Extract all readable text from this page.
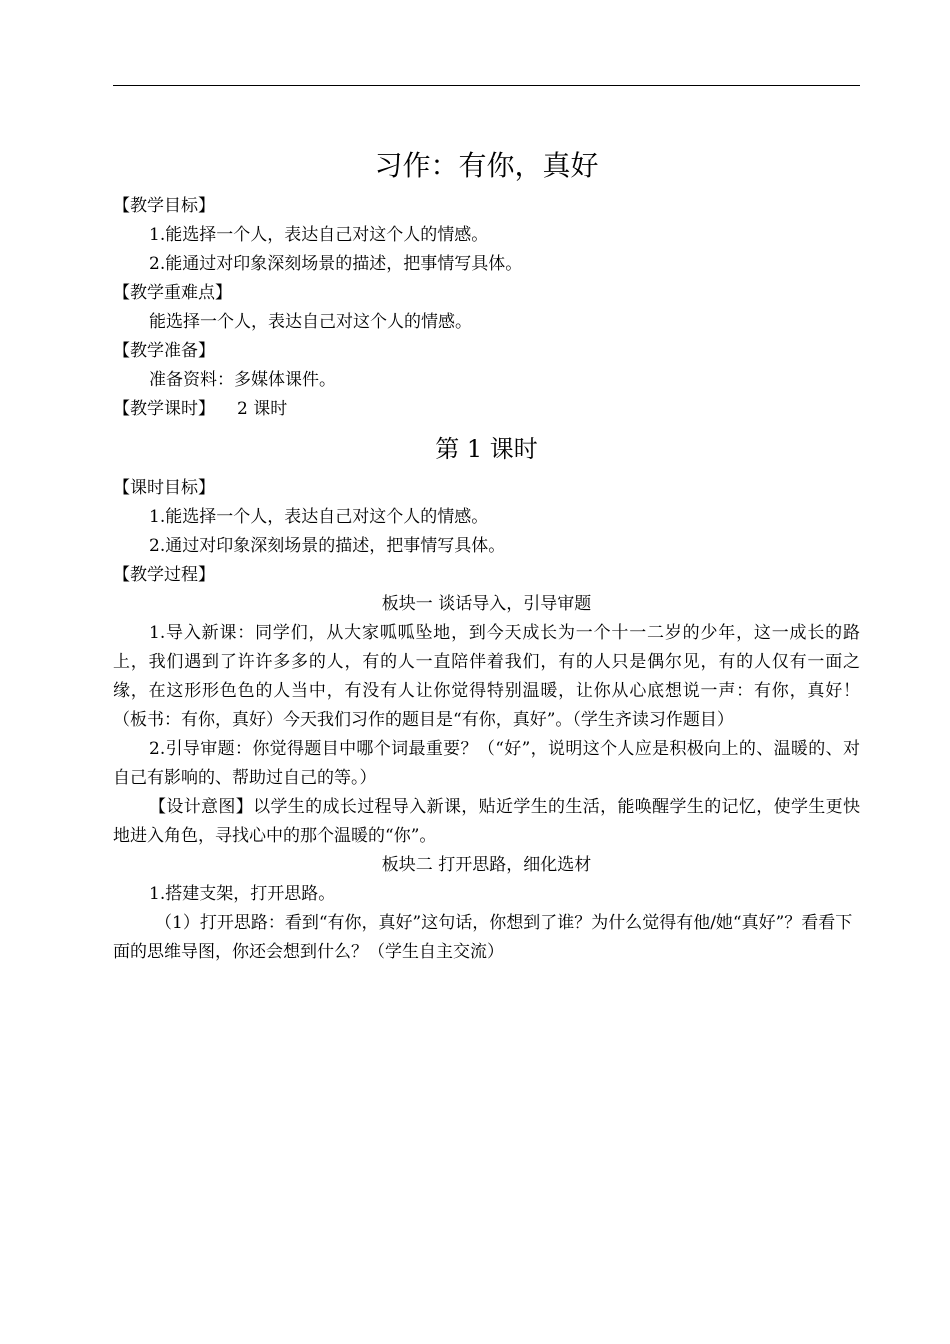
习作：有你，真好
【教学目标】
1.能选择一个人，表达自己对这个人的情感。
2.能通过对印象深刻场景的描述，把事情写具体。
【教学重难点】
能选择一个人，表达自己对这个人的情感。
【教学准备】
准备资料：多媒体课件。
【教学课时】 2 课时
第 1 课时
【课时目标】
1.能选择一个人，表达自己对这个人的情感。
2.通过对印象深刻场景的描述，把事情写具体。
【教学过程】
板块一 谈话导入，引导审题
1.导入新课：同学们，从大家呱呱坠地，到今天成长为一个十一二岁的少年，这一成长的路上，我们遇到了许许多多的人，有的人一直陪伴着我们，有的人只是偶尔见，有的人仅有一面之缘，在这形形色色的人当中，有没有人让你觉得特别温暖，让你从心底想说一声：有你，真好！（板书：有你，真好）今天我们习作的题目是“有你，真好”。（学生齐读习作题目）
2.引导审题：你觉得题目中哪个词最重要？（“好”，说明这个人应是积极向上的、温暖的、对自己有影响的、帮助过自己的等。）
【设计意图】以学生的成长过程导入新课，贴近学生的生活，能唤醒学生的记忆，使学生更快地进入角色，寻找心中的那个温暖的“你”。
板块二 打开思路，细化选材
1.搭建支架，打开思路。
（1）打开思路：看到“有你，真好”这句话，你想到了谁？为什么觉得有他/她“真好”？看看下面的思维导图，你还会想到什么？（学生自主交流）
